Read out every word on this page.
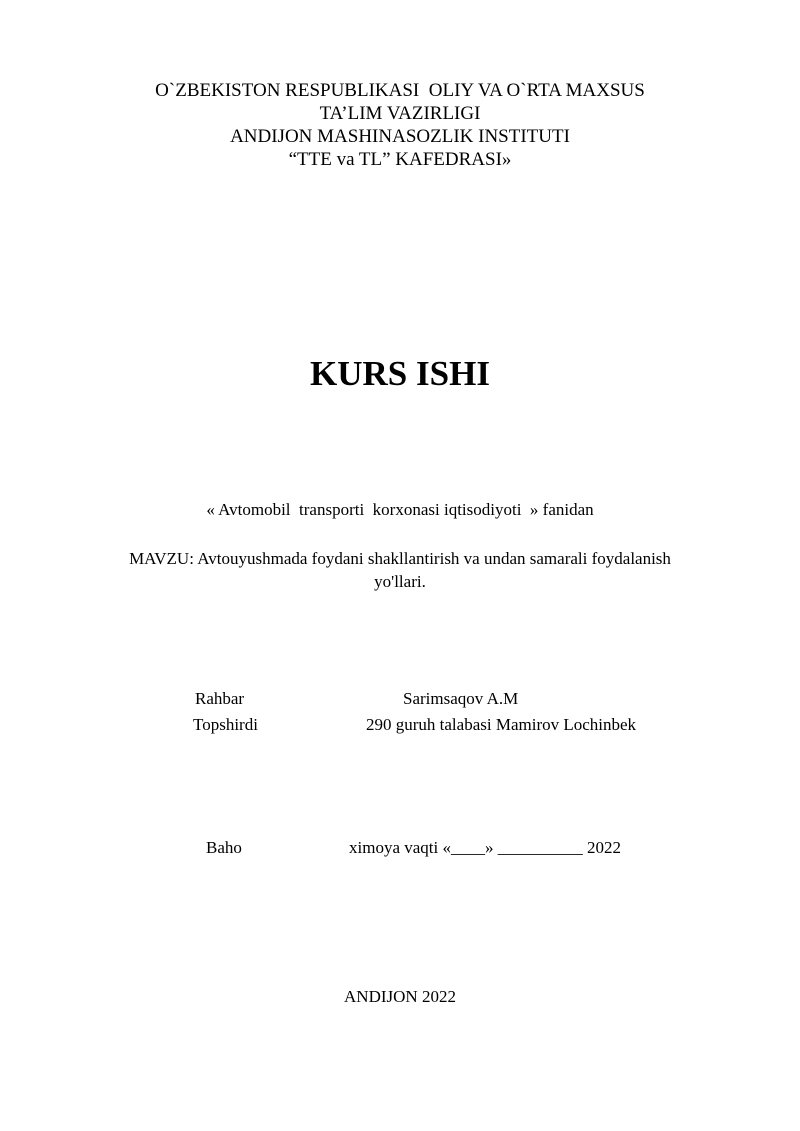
O`ZBEKISTON RESPUBLIKASI  OLIY VA O`RTA MAXSUS
TA’LIM VAZIRLIGI
ANDIJON MASHINASOZLIK INSTITUTI
“TTE va TL” KAFEDRASI»
KURS ISHI
« Avtomobil  transporti  korxonasi iqtisodiyoti  » fanidan
MAVZU: Avtouyushmada foydani shakllantirish va undan samarali foydalanish
yo'llari.
Rahbar	Sarimsaqov A.M
Topshirdi	290 guruh talabasi Mamirov Lochinbek
Baho	ximoya vaqti «____» __________ 2022
ANDIJON 2022
